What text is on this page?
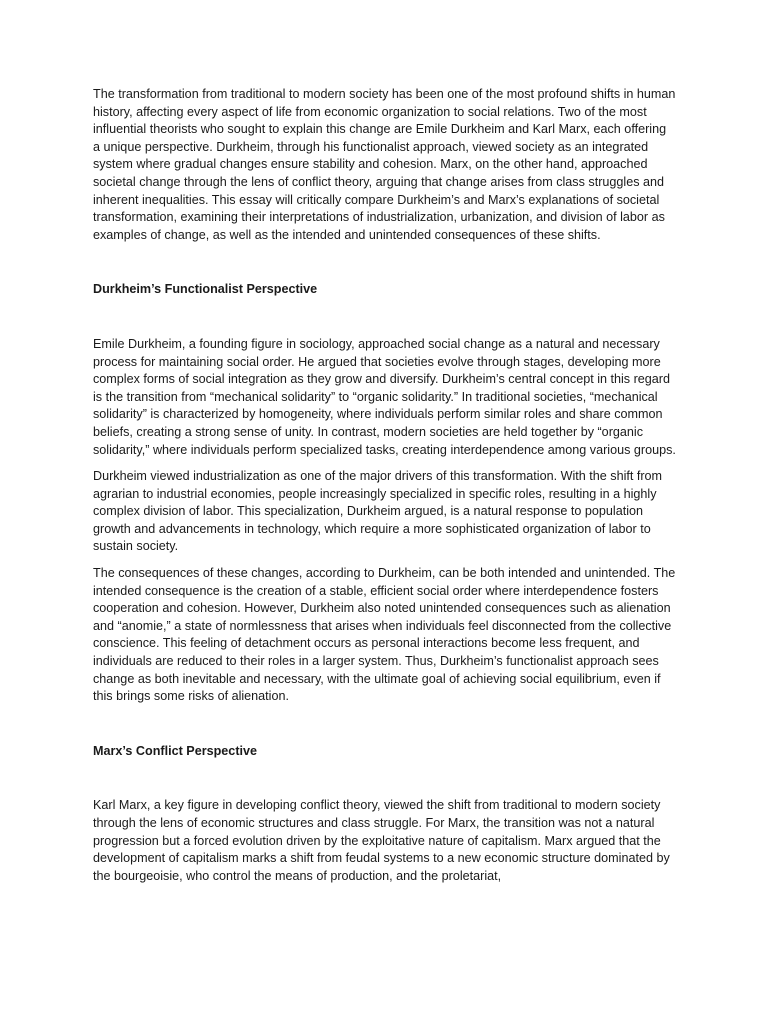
The transformation from traditional to modern society has been one of the most profound shifts in human history, affecting every aspect of life from economic organization to social relations. Two of the most influential theorists who sought to explain this change are Emile Durkheim and Karl Marx, each offering a unique perspective. Durkheim, through his functionalist approach, viewed society as an integrated system where gradual changes ensure stability and cohesion. Marx, on the other hand, approached societal change through the lens of conflict theory, arguing that change arises from class struggles and inherent inequalities. This essay will critically compare Durkheim’s and Marx’s explanations of societal transformation, examining their interpretations of industrialization, urbanization, and division of labor as examples of change, as well as the intended and unintended consequences of these shifts.

Durkheim’s Functionalist Perspective

Emile Durkheim, a founding figure in sociology, approached social change as a natural and necessary process for maintaining social order. He argued that societies evolve through stages, developing more complex forms of social integration as they grow and diversify. Durkheim’s central concept in this regard is the transition from “mechanical solidarity” to “organic solidarity.” In traditional societies, “mechanical solidarity” is characterized by homogeneity, where individuals perform similar roles and share common beliefs, creating a strong sense of unity. In contrast, modern societies are held together by “organic solidarity,” where individuals perform specialized tasks, creating interdependence among various groups.

Durkheim viewed industrialization as one of the major drivers of this transformation. With the shift from agrarian to industrial economies, people increasingly specialized in specific roles, resulting in a highly complex division of labor. This specialization, Durkheim argued, is a natural response to population growth and advancements in technology, which require a more sophisticated organization of labor to sustain society.

The consequences of these changes, according to Durkheim, can be both intended and unintended. The intended consequence is the creation of a stable, efficient social order where interdependence fosters cooperation and cohesion. However, Durkheim also noted unintended consequences such as alienation and “anomie,” a state of normlessness that arises when individuals feel disconnected from the collective conscience. This feeling of detachment occurs as personal interactions become less frequent, and individuals are reduced to their roles in a larger system. Thus, Durkheim’s functionalist approach sees change as both inevitable and necessary, with the ultimate goal of achieving social equilibrium, even if this brings some risks of alienation.

Marx’s Conflict Perspective

Karl Marx, a key figure in developing conflict theory, viewed the shift from traditional to modern society through the lens of economic structures and class struggle. For Marx, the transition was not a natural progression but a forced evolution driven by the exploitative nature of capitalism. Marx argued that the development of capitalism marks a shift from feudal systems to a new economic structure dominated by the bourgeoisie, who control the means of production, and the proletariat,
